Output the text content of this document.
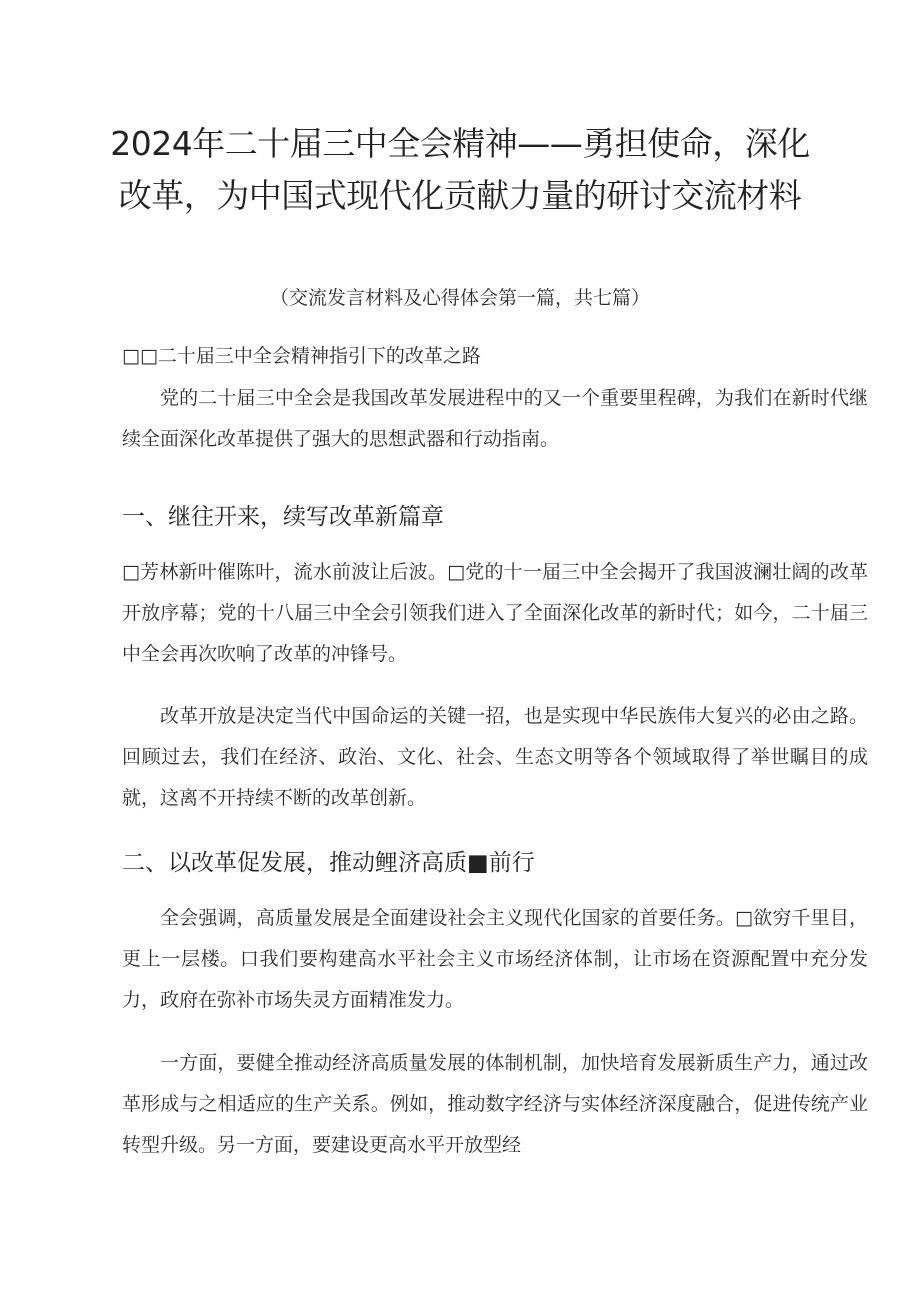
2024年二十届三中全会精神——勇担使命，深化改革，为中国式现代化贡献力量的研讨交流材料
（交流发言材料及心得体会第一篇，共七篇）
□□二十届三中全会精神指引下的改革之路
党的二十届三中全会是我国改革发展进程中的又一个重要里程碑，为我们在新时代继续全面深化改革提供了强大的思想武器和行动指南。
一、继往开来，续写改革新篇章
□芳林新叶催陈叶，流水前波让后波。□党的十一届三中全会揭开了我国波澜壮阔的改革开放序幕；党的十八届三中全会引领我们进入了全面深化改革的新时代；如今，二十届三中全会再次吹响了改革的冲锋号。
改革开放是决定当代中国命运的关键一招，也是实现中华民族伟大复兴的必由之路。回顾过去，我们在经济、政治、文化、社会、生态文明等各个领域取得了举世瞩目的成就，这离不开持续不断的改革创新。
二、以改革促发展，推动鲤济高质■前行
全会强调，高质量发展是全面建设社会主义现代化国家的首要任务。□欲穷千里目，更上一层楼。口我们要构建高水平社会主义市场经济体制，让市场在资源配置中充分发力，政府在弥补市场失灵方面精准发力。
一方面，要健全推动经济高质量发展的体制机制，加快培育发展新质生产力，通过改革形成与之相适应的生产关系。例如，推动数字经济与实体经济深度融合，促进传统产业转型升级。另一方面，要建设更高水平开放型经
